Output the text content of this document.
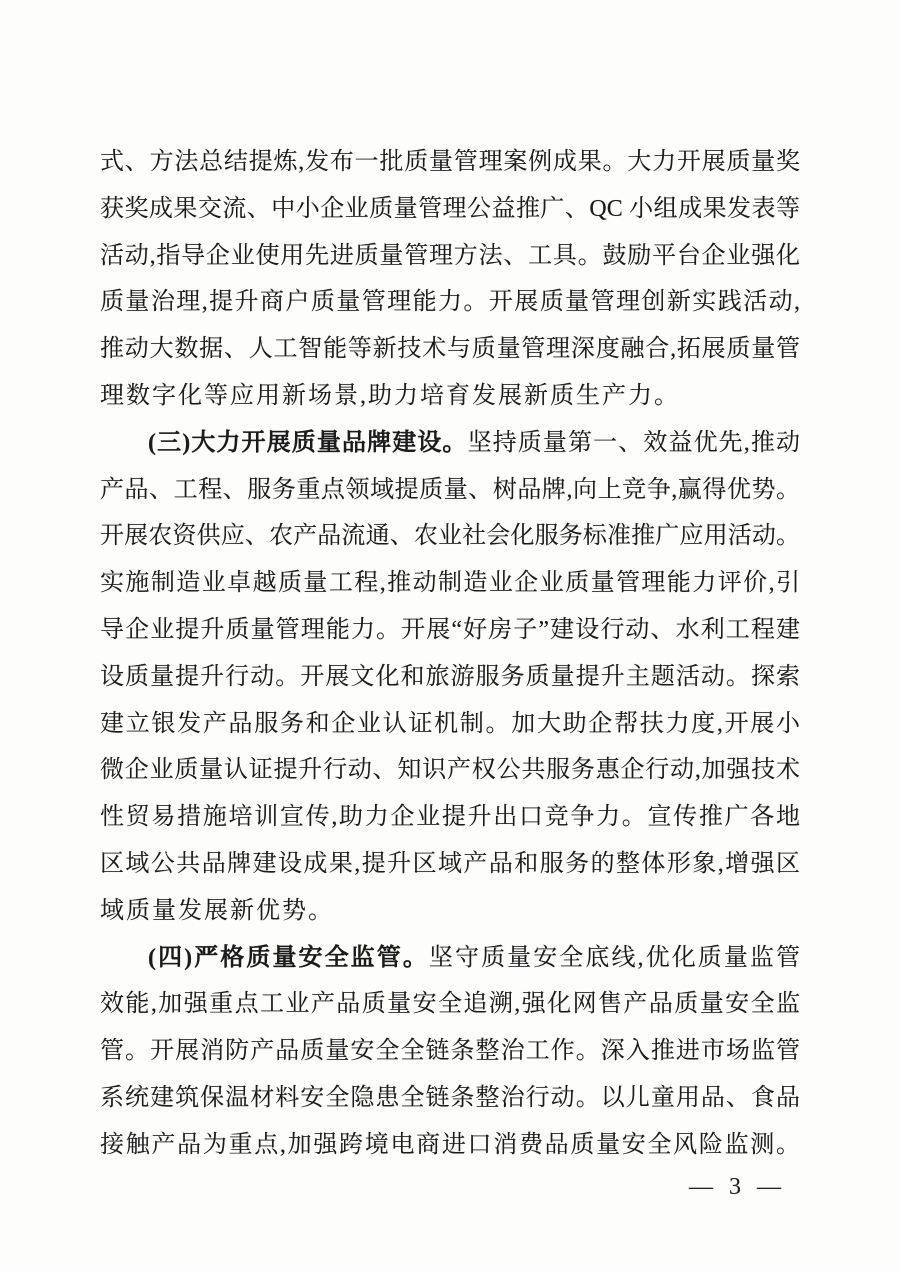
式、方法总结提炼,发布一批质量管理案例成果。大力开展质量奖
获奖成果交流、中小企业质量管理公益推广、QC 小组成果发表等
活动,指导企业使用先进质量管理方法、工具。鼓励平台企业强化
质量治理,提升商户质量管理能力。开展质量管理创新实践活动,
推动大数据、人工智能等新技术与质量管理深度融合,拓展质量管
理数字化等应用新场景,助力培育发展新质生产力。
(三)大力开展质量品牌建设。坚持质量第一、效益优先,推动
产品、工程、服务重点领域提质量、树品牌,向上竞争,赢得优势。
开展农资供应、农产品流通、农业社会化服务标准推广应用活动。
实施制造业卓越质量工程,推动制造业企业质量管理能力评价,引
导企业提升质量管理能力。开展“好房子”建设行动、水利工程建
设质量提升行动。开展文化和旅游服务质量提升主题活动。探索
建立银发产品服务和企业认证机制。加大助企帮扶力度,开展小
微企业质量认证提升行动、知识产权公共服务惠企行动,加强技术
性贸易措施培训宣传,助力企业提升出口竞争力。宣传推广各地
区域公共品牌建设成果,提升区域产品和服务的整体形象,增强区
域质量发展新优势。
(四)严格质量安全监管。坚守质量安全底线,优化质量监管
效能,加强重点工业产品质量安全追溯,强化网售产品质量安全监
管。开展消防产品质量安全全链条整治工作。深入推进市场监管
系统建筑保温材料安全隐患全链条整治行动。以儿童用品、食品
接触产品为重点,加强跨境电商进口消费品质量安全风险监测。
— 3 —
